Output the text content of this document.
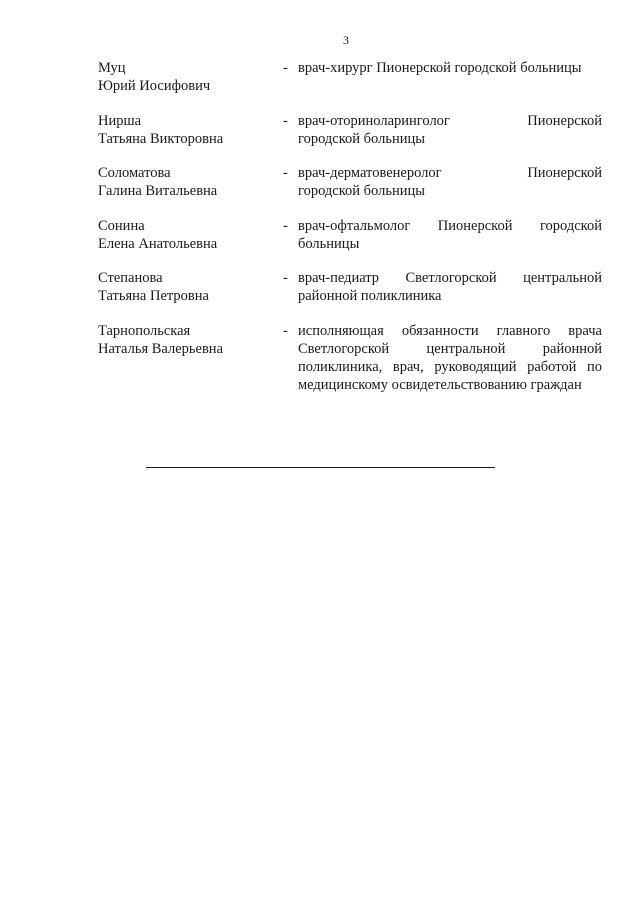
3
Муц
Юрий Иосифович
- врач-хирург Пионерской городской больницы
Нирша
Татьяна Викторовна
- врач-оториноларинголог Пионерской
городской больницы
Соломатова
Галина Витальевна
- врач-дерматовенеролог Пионерской
городской больницы
Сонина
Елена Анатольевна
- врач-офтальмолог Пионерской городской
больницы
Степанова
Татьяна Петровна
- врач-педиатр Светлогорской центральной
районной поликлиника
Тарнопольская
Наталья Валерьевна
- исполняющая обязанности главного врача
Светлогорской центральной районной
поликлиника, врач, руководящий работой по
медицинскому освидетельствованию граждан
